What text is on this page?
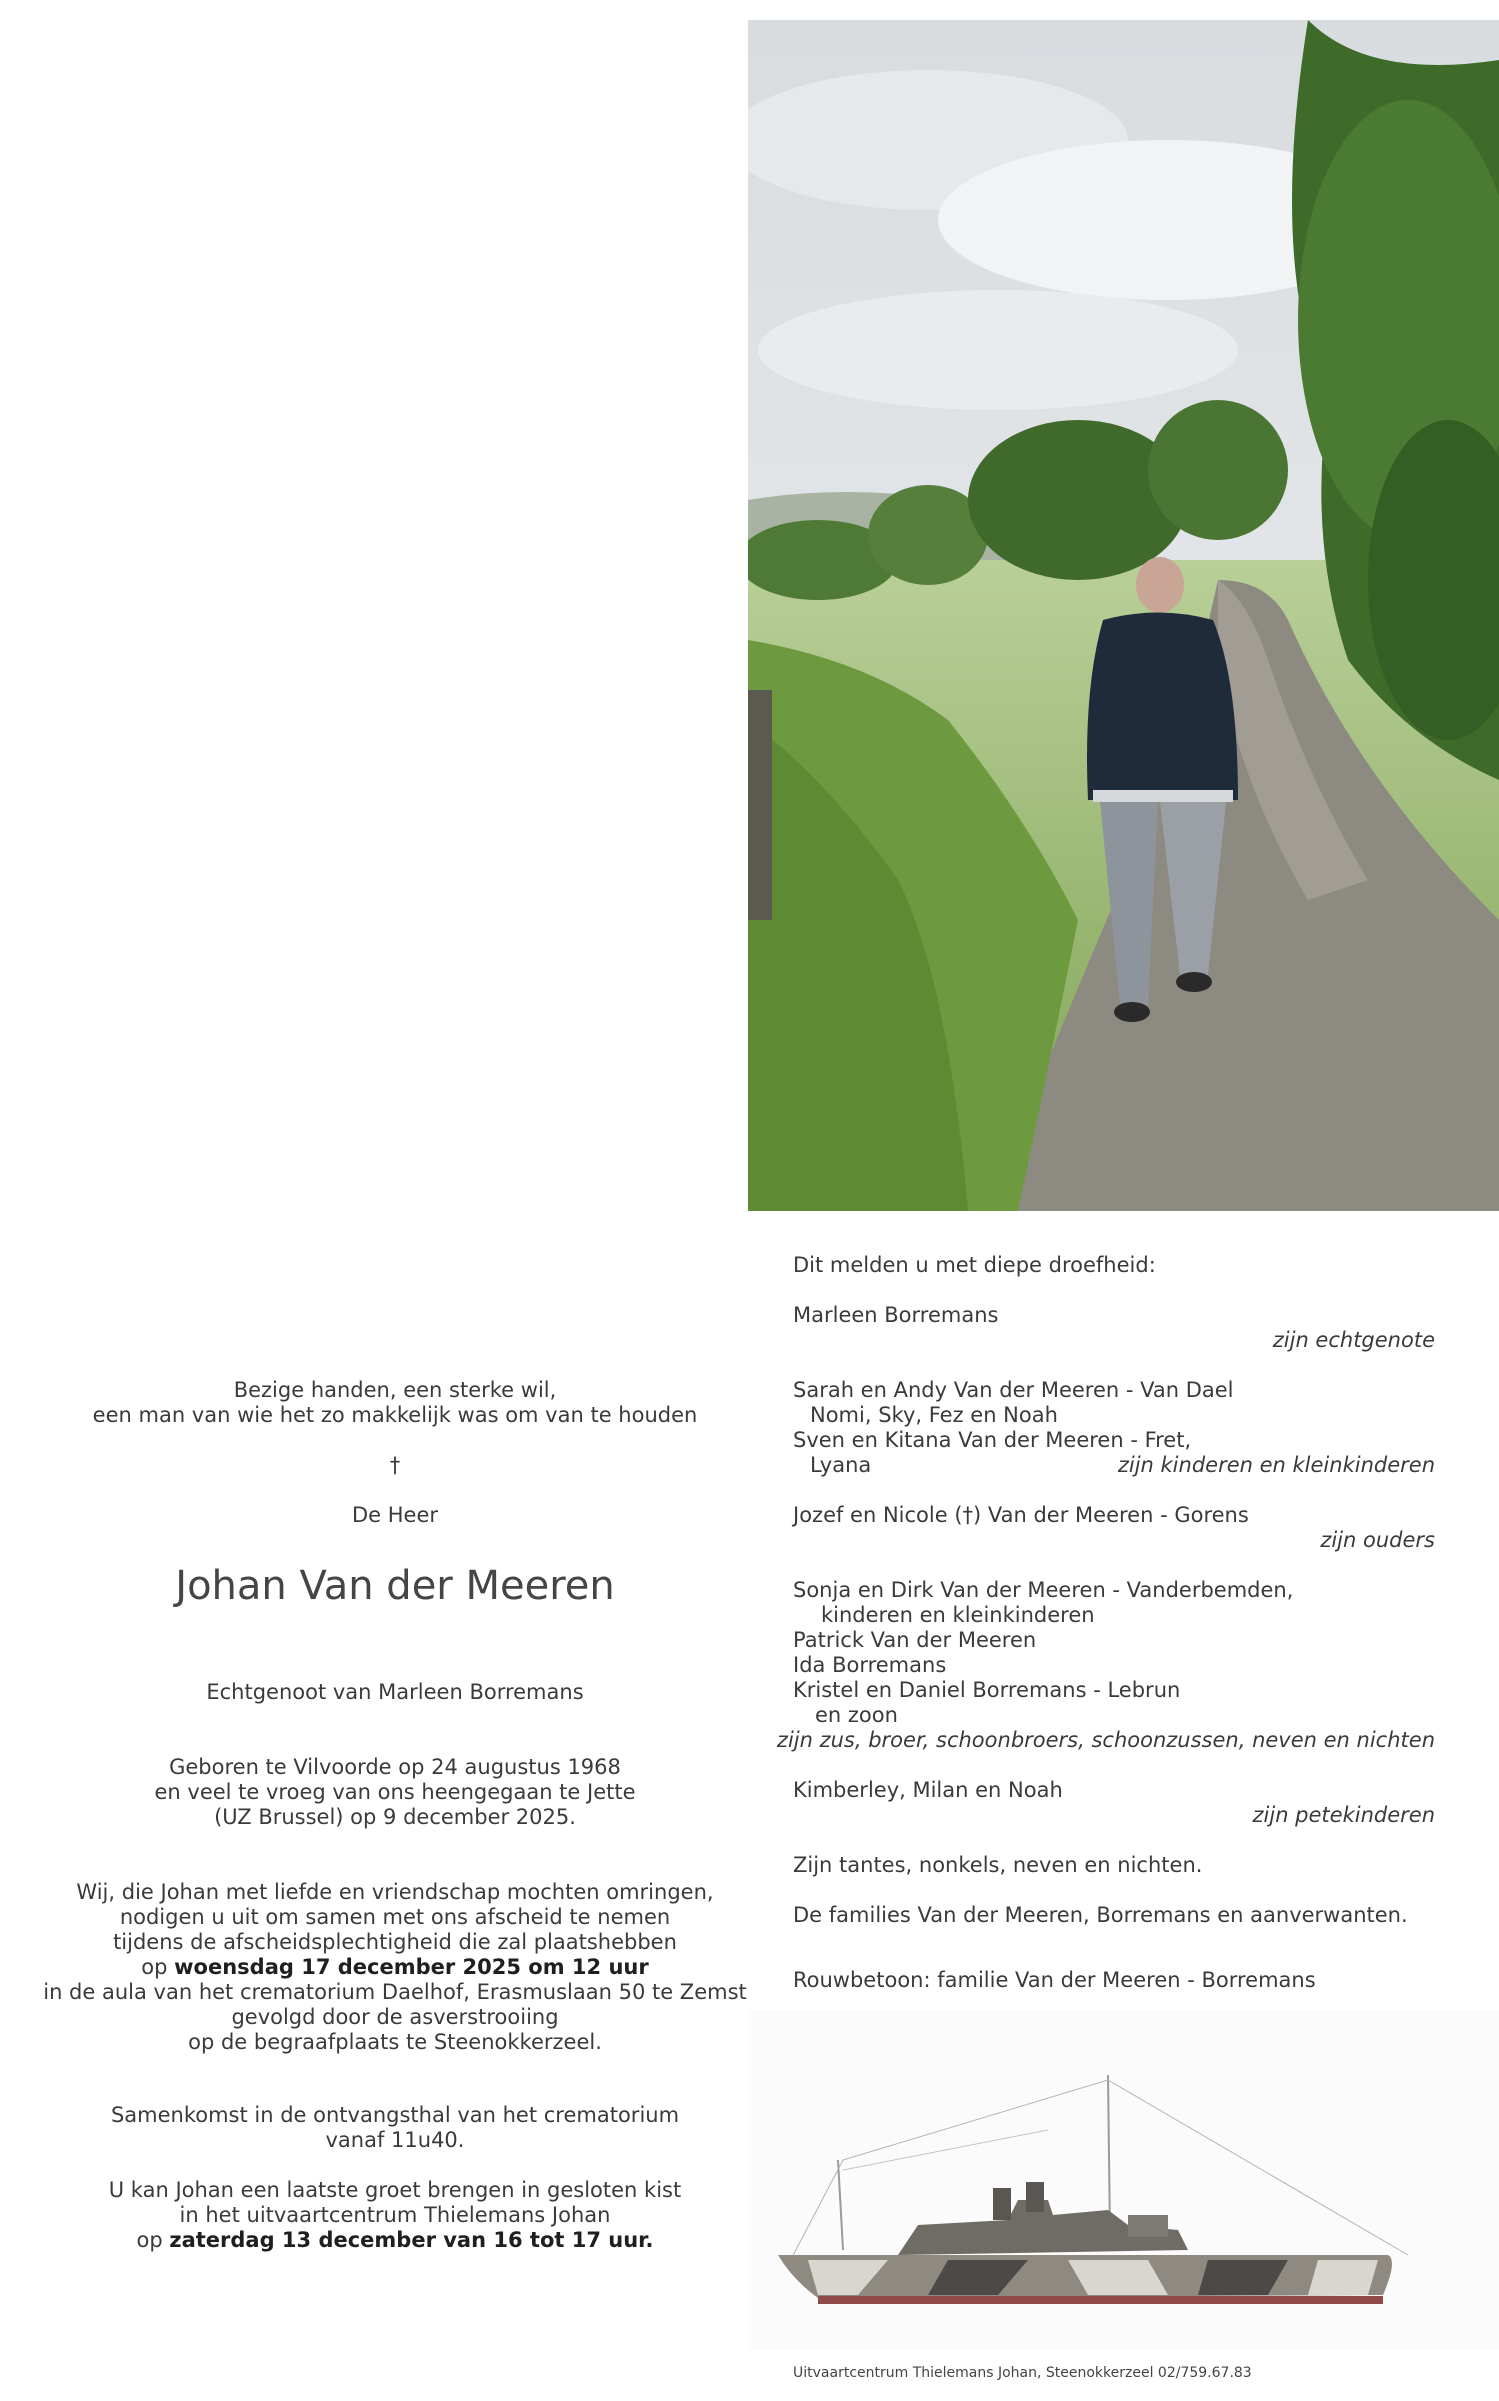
Bezige handen, een sterke wil,
een man van wie het zo makkelijk was om van te houden
†
De Heer
Johan Van der Meeren
Echtgenoot van Marleen Borremans
Geboren te Vilvoorde op 24 augustus 1968
en veel te vroeg van ons heengegaan te Jette
(UZ Brussel) op 9 december 2025.
Wij, die Johan met liefde en vriendschap mochten omringen,
nodigen u uit om samen met ons afscheid te nemen
tijdens de afscheidsplechtigheid die zal plaatshebben
op woensdag 17 december 2025 om 12 uur
in de aula van het crematorium Daelhof, Erasmuslaan 50 te Zemst
gevolgd door de asverstrooiing
op de begraafplaats te Steenokkerzeel.
Samenkomst in de ontvangsthal van het crematorium
vanaf 11u40.
U kan Johan een laatste groet brengen in gesloten kist
in het uitvaartcentrum Thielemans Johan
op zaterdag 13 december van 16 tot 17 uur.
Dit melden u met diepe droefheid:
Marleen Borremans
zijn echtgenote
Sarah en Andy Van der Meeren - Van Dael
Nomi, Sky, Fez en Noah
Sven en Kitana Van der Meeren - Fret,
Lyana	zijn kinderen en kleinkinderen
Jozef en Nicole (†) Van der Meeren - Gorens
zijn ouders
Sonja en Dirk Van der Meeren - Vanderbemden,
kinderen en kleinkinderen
Patrick Van der Meeren
Ida Borremans
Kristel en Daniel Borremans - Lebrun
en zoon
zijn zus, broer, schoonbroers, schoonzussen, neven en nichten
Kimberley, Milan en Noah
zijn petekinderen
Zijn tantes, nonkels, neven en nichten.
De families Van der Meeren, Borremans en aanverwanten.
Rouwbetoon: familie Van der Meeren - Borremans
Uitvaartcentrum Thielemans Johan, Steenokkerzeel 02/759.67.83
